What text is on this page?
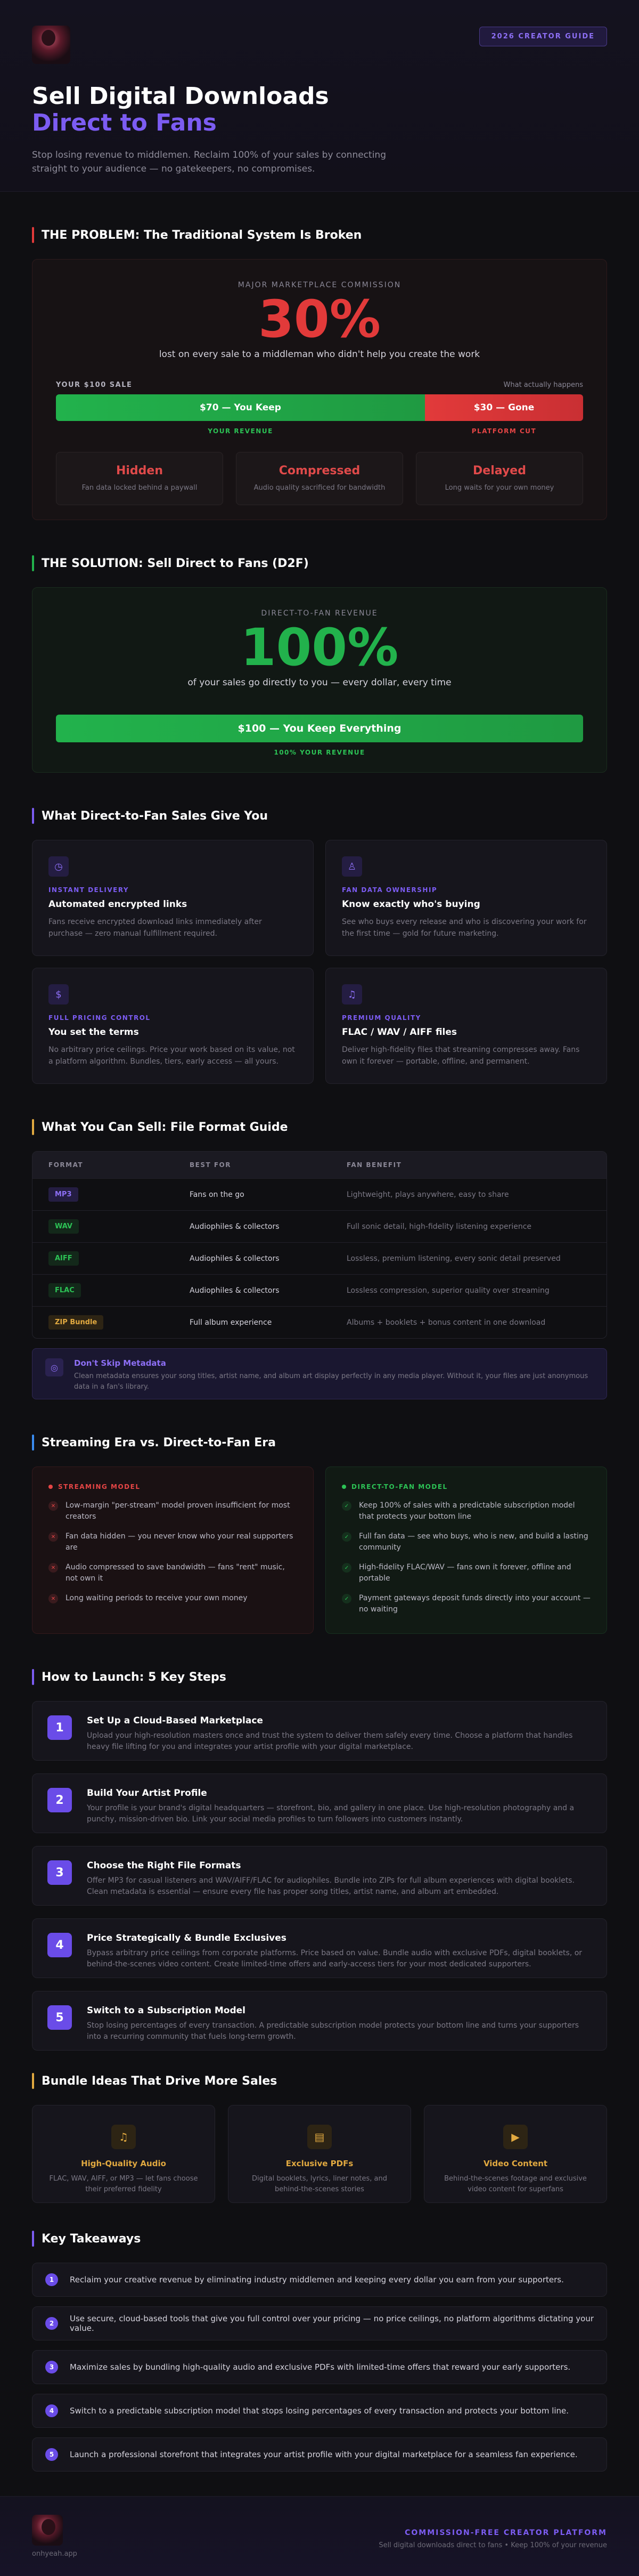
2026 CREATOR GUIDE
Sell Digital Downloads
Direct to Fans

Stop losing revenue to middlemen. Reclaim 100% of your sales by connecting straight to your audience — no gatekeepers, no compromises.

THE PROBLEM: The Traditional System Is Broken
MAJOR MARKETPLACE COMMISSION
30%
lost on every sale to a middleman who didn't help you create the work
YOUR $100 SALE	What actually happens
$70 — You Keep	$30 — Gone
YOUR REVENUE	PLATFORM CUT
Hidden
Fan data locked behind a paywall
Compressed
Audio quality sacrificed for bandwidth
Delayed
Long waits for your own money
THE SOLUTION: Sell Direct to Fans (D2F)
DIRECT-TO-FAN REVENUE
100%
of your sales go directly to you — every dollar, every time
$100 — You Keep Everything
100% YOUR REVENUE
What Direct-to-Fan Sales Give You
◷
INSTANT DELIVERY
Automated encrypted links
Fans receive encrypted download links immediately after purchase — zero manual fulfillment required.
♙
FAN DATA OWNERSHIP
Know exactly who's buying
See who buys every release and who is discovering your work for the first time — gold for future marketing.
$
FULL PRICING CONTROL
You set the terms
No arbitrary price ceilings. Price your work based on its value, not a platform algorithm. Bundles, tiers, early access — all yours.
♫
PREMIUM QUALITY
FLAC / WAV / AIFF files
Deliver high-fidelity files that streaming compresses away. Fans own it forever — portable, offline, and permanent.
What You Can Sell: File Format Guide
FORMAT	BEST FOR	FAN BENEFIT
MP3	Fans on the go	Lightweight, plays anywhere, easy to share
WAV	Audiophiles & collectors	Full sonic detail, high-fidelity listening experience
AIFF	Audiophiles & collectors	Lossless, premium listening, every sonic detail preserved
FLAC	Audiophiles & collectors	Lossless compression, superior quality over streaming
ZIP Bundle	Full album experience	Albums + booklets + bonus content in one download
◎	Don't Skip Metadata
Clean metadata ensures your song titles, artist name, and album art display perfectly in any media player. Without it, your files are just anonymous data in a fan's library.
Streaming Era vs. Direct-to-Fan Era
STREAMING MODEL
✕	Low-margin "per-stream" model proven insufficient for most creators
✕	Fan data hidden — you never know who your real supporters are
✕	Audio compressed to save bandwidth — fans "rent" music, not own it
✕	Long waiting periods to receive your own money
DIRECT-TO-FAN MODEL
✓	Keep 100% of sales with a predictable subscription model that protects your bottom line
✓	Full fan data — see who buys, who is new, and build a lasting community
✓	High-fidelity FLAC/WAV — fans own it forever, offline and portable
✓	Payment gateways deposit funds directly into your account — no waiting
How to Launch: 5 Key Steps
1
Set Up a Cloud-Based Marketplace
Upload your high-resolution masters once and trust the system to deliver them safely every time. Choose a platform that handles heavy file lifting for you and integrates your artist profile with your digital marketplace.
2
Build Your Artist Profile
Your profile is your brand's digital headquarters — storefront, bio, and gallery in one place. Use high-resolution photography and a punchy, mission-driven bio. Link your social media profiles to turn followers into customers instantly.
3
Choose the Right File Formats
Offer MP3 for casual listeners and WAV/AIFF/FLAC for audiophiles. Bundle into ZIPs for full album experiences with digital booklets. Clean metadata is essential — ensure every file has proper song titles, artist name, and album art embedded.
4
Price Strategically & Bundle Exclusives
Bypass arbitrary price ceilings from corporate platforms. Price based on value. Bundle audio with exclusive PDFs, digital booklets, or behind-the-scenes video content. Create limited-time offers and early-access tiers for your most dedicated supporters.
5
Switch to a Subscription Model
Stop losing percentages of every transaction. A predictable subscription model protects your bottom line and turns your supporters into a recurring community that fuels long-term growth.
Bundle Ideas That Drive More Sales
♫
High-Quality Audio
FLAC, WAV, AIFF, or MP3 — let fans choose their preferred fidelity
▤
Exclusive PDFs
Digital booklets, lyrics, liner notes, and behind-the-scenes stories
▶
Video Content
Behind-the-scenes footage and exclusive video content for superfans
Key Takeaways
1	Reclaim your creative revenue by eliminating industry middlemen and keeping every dollar you earn from your supporters.
2	Use secure, cloud-based tools that give you full control over your pricing — no price ceilings, no platform algorithms dictating your value.
3	Maximize sales by bundling high-quality audio and exclusive PDFs with limited-time offers that reward your early supporters.
4	Switch to a predictable subscription model that stops losing percentages of every transaction and protects your bottom line.
5	Launch a professional storefront that integrates your artist profile with your digital marketplace for a seamless fan experience.
onhyeah.app
COMMISSION-FREE CREATOR PLATFORM
Sell digital downloads direct to fans • Keep 100% of your revenue
